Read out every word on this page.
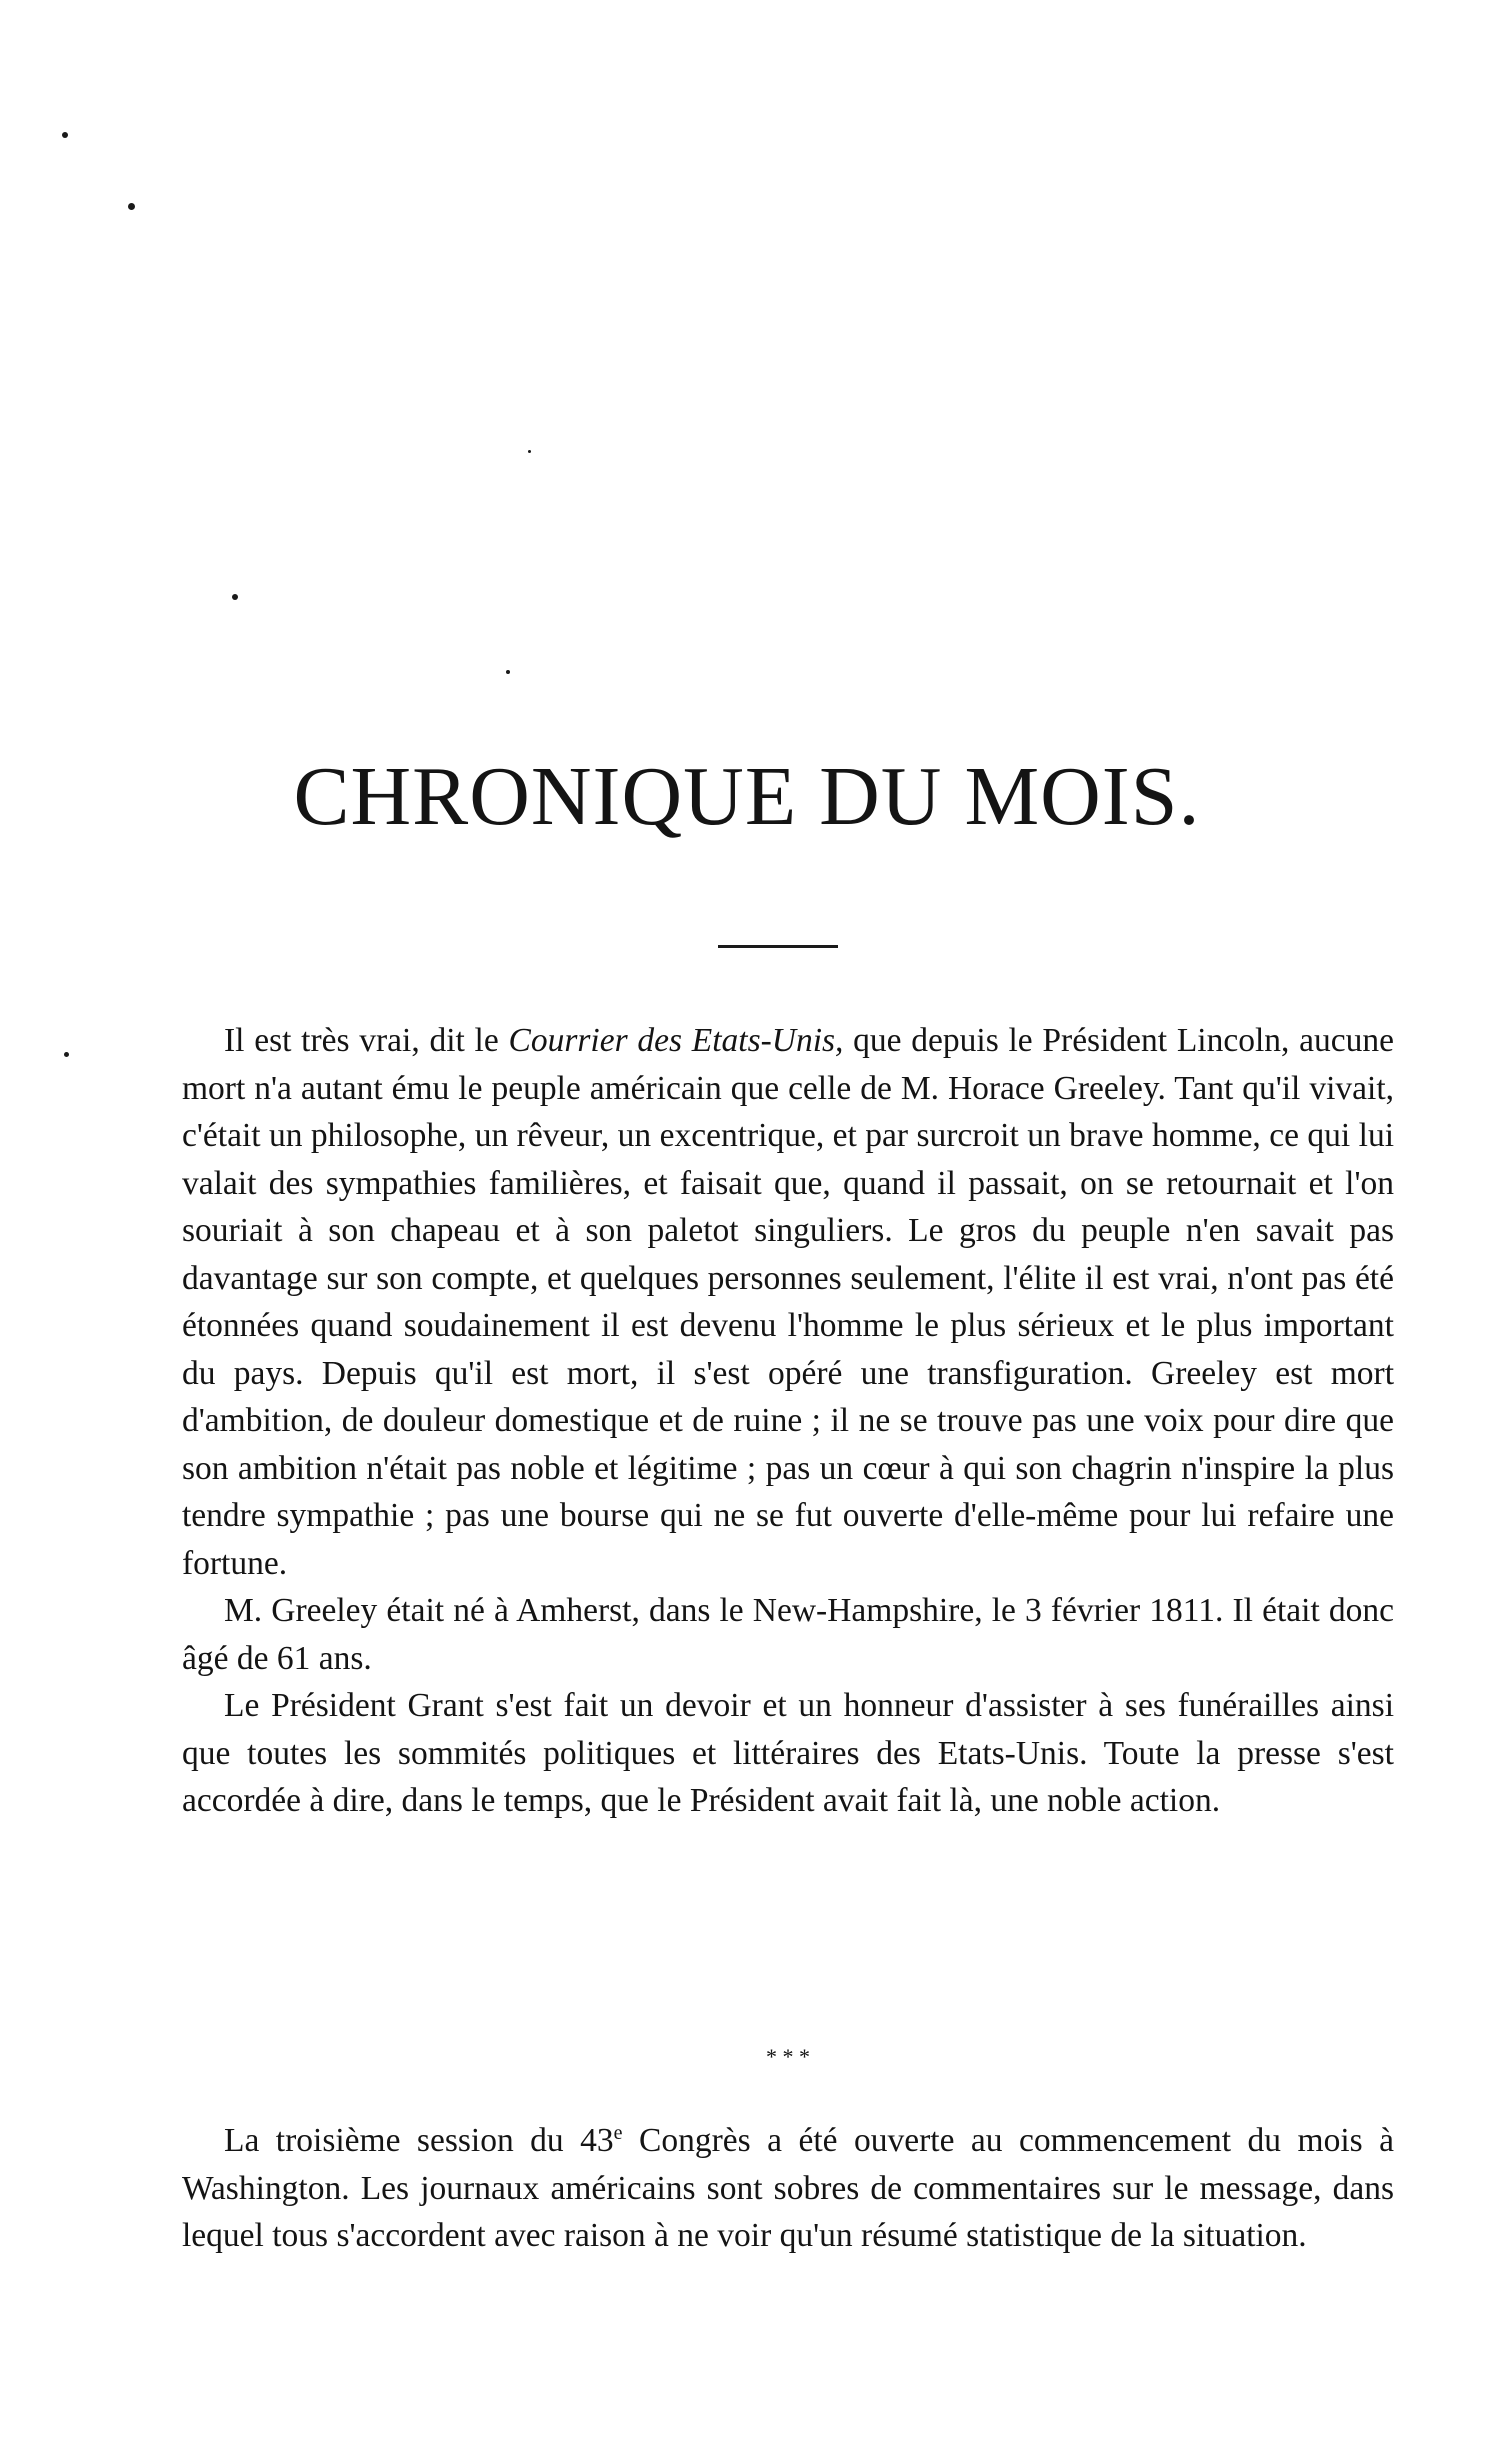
CHRONIQUE DU MOIS.

Il est très vrai, dit le Courrier des Etats-Unis, que depuis le Président Lincoln, aucune mort n'a autant ému le peuple américain que celle de M. Horace Greeley. Tant qu'il vivait, c'était un philosophe, un rêveur, un excentrique, et par surcroit un brave homme, ce qui lui valait des sympathies familières, et faisait que, quand il passait, on se retournait et l'on souriait à son chapeau et à son paletot singuliers. Le gros du peuple n'en savait pas davantage sur son compte, et quelques personnes seulement, l'élite il est vrai, n'ont pas été étonnées quand soudainement il est devenu l'homme le plus sérieux et le plus important du pays. Depuis qu'il est mort, il s'est opéré une transfiguration. Greeley est mort d'ambition, de douleur domestique et de ruine ; il ne se trouve pas une voix pour dire que son ambition n'était pas noble et légitime ; pas un cœur à qui son chagrin n'inspire la plus tendre sympathie ; pas une bourse qui ne se fut ouverte d'elle-même pour lui refaire une fortune.

M. Greeley était né à Amherst, dans le New-Hampshire, le 3 février 1811. Il était donc âgé de 61 ans.

Le Président Grant s'est fait un devoir et un honneur d'assister à ses funérailles ainsi que toutes les sommités politiques et littéraires des Etats-Unis. Toute la presse s'est accordée à dire, dans le temps, que le Président avait fait là, une noble action.

* * *

La troisième session du 43e Congrès a été ouverte au commencement du mois à Washington. Les journaux américains sont sobres de commentaires sur le message, dans lequel tous s'accordent avec raison à ne voir qu'un résumé statistique de la situation.
